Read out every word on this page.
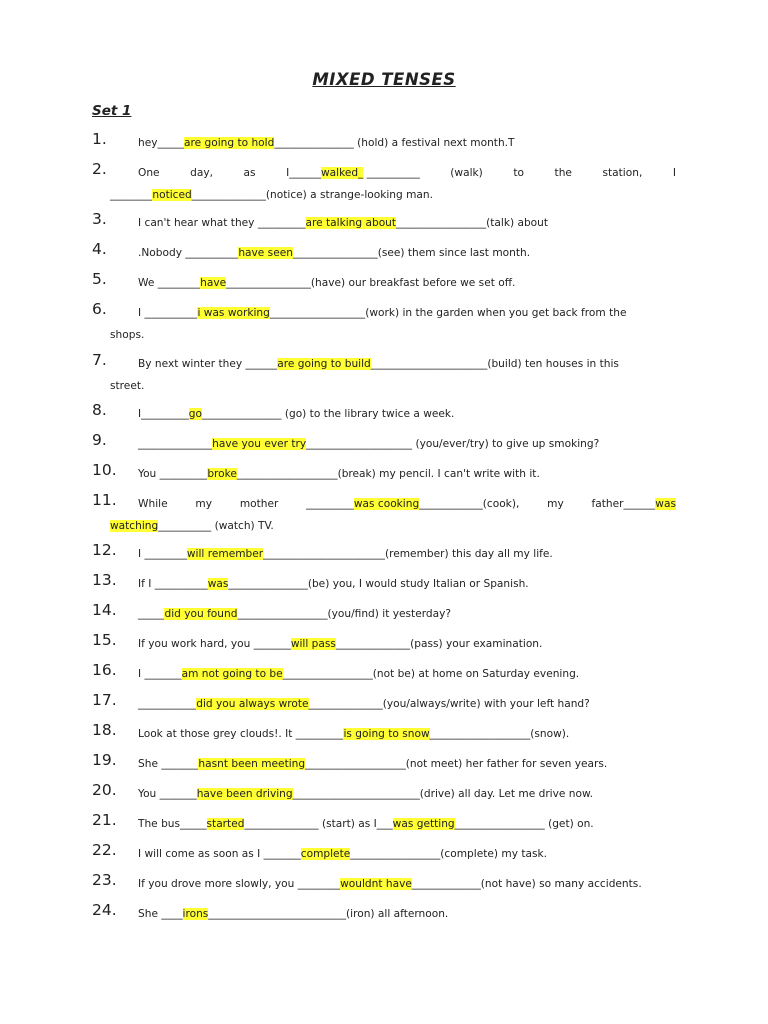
MIXED TENSES
Set 1
1.	hey_____are going to hold_______________ (hold) a festival next month.T
2.	One	day,	as	I______walked_ __________	(walk)	to	the	station,	I
________noticed______________(notice) a strange-looking man.
3.	I can't hear what they _________are talking about_________________(talk) about
4.	.Nobody __________have seen________________(see) them since last month.
5.	We ________have________________(have) our breakfast before we set off.
6.	I __________i was working__________________(work) in the garden when you get back from the
shops.
7.	By next winter they ______are going to build______________________(build) ten houses in this
street.
8.	I_________go_______________ (go) to the library twice a week.
9.	______________have you ever try____________________ (you/ever/try) to give up smoking?
10.	You _________broke___________________(break) my pencil. I can't write with it.
11.	While	my	mother	_________was cooking____________(cook),	my	father______was
watching__________ (watch) TV.
12.	I ________will remember_______________________(remember) this day all my life.
13.	If I __________was_______________(be) you, I would study Italian or Spanish.
14.	_____did you found_________________(you/find) it yesterday?
15.	If you work hard, you _______will pass______________(pass) your examination.
16.	I _______am not going to be_________________(not be) at home on Saturday evening.
17.	___________did you always wrote______________(you/always/write) with your left hand?
18.	Look at those grey clouds!. It _________is going to snow___________________(snow).
19.	She _______hasnt been meeting___________________(not meet) her father for seven years.
20.	You _______have been driving________________________(drive) all day. Let me drive now.
21.	The bus_____started______________ (start) as I___was getting_________________ (get) on.
22.	I will come as soon as I _______complete_________________(complete) my task.
23.	If you drove more slowly, you ________wouldnt have_____________(not have) so many accidents.
24.	She ____irons__________________________(iron) all afternoon.
